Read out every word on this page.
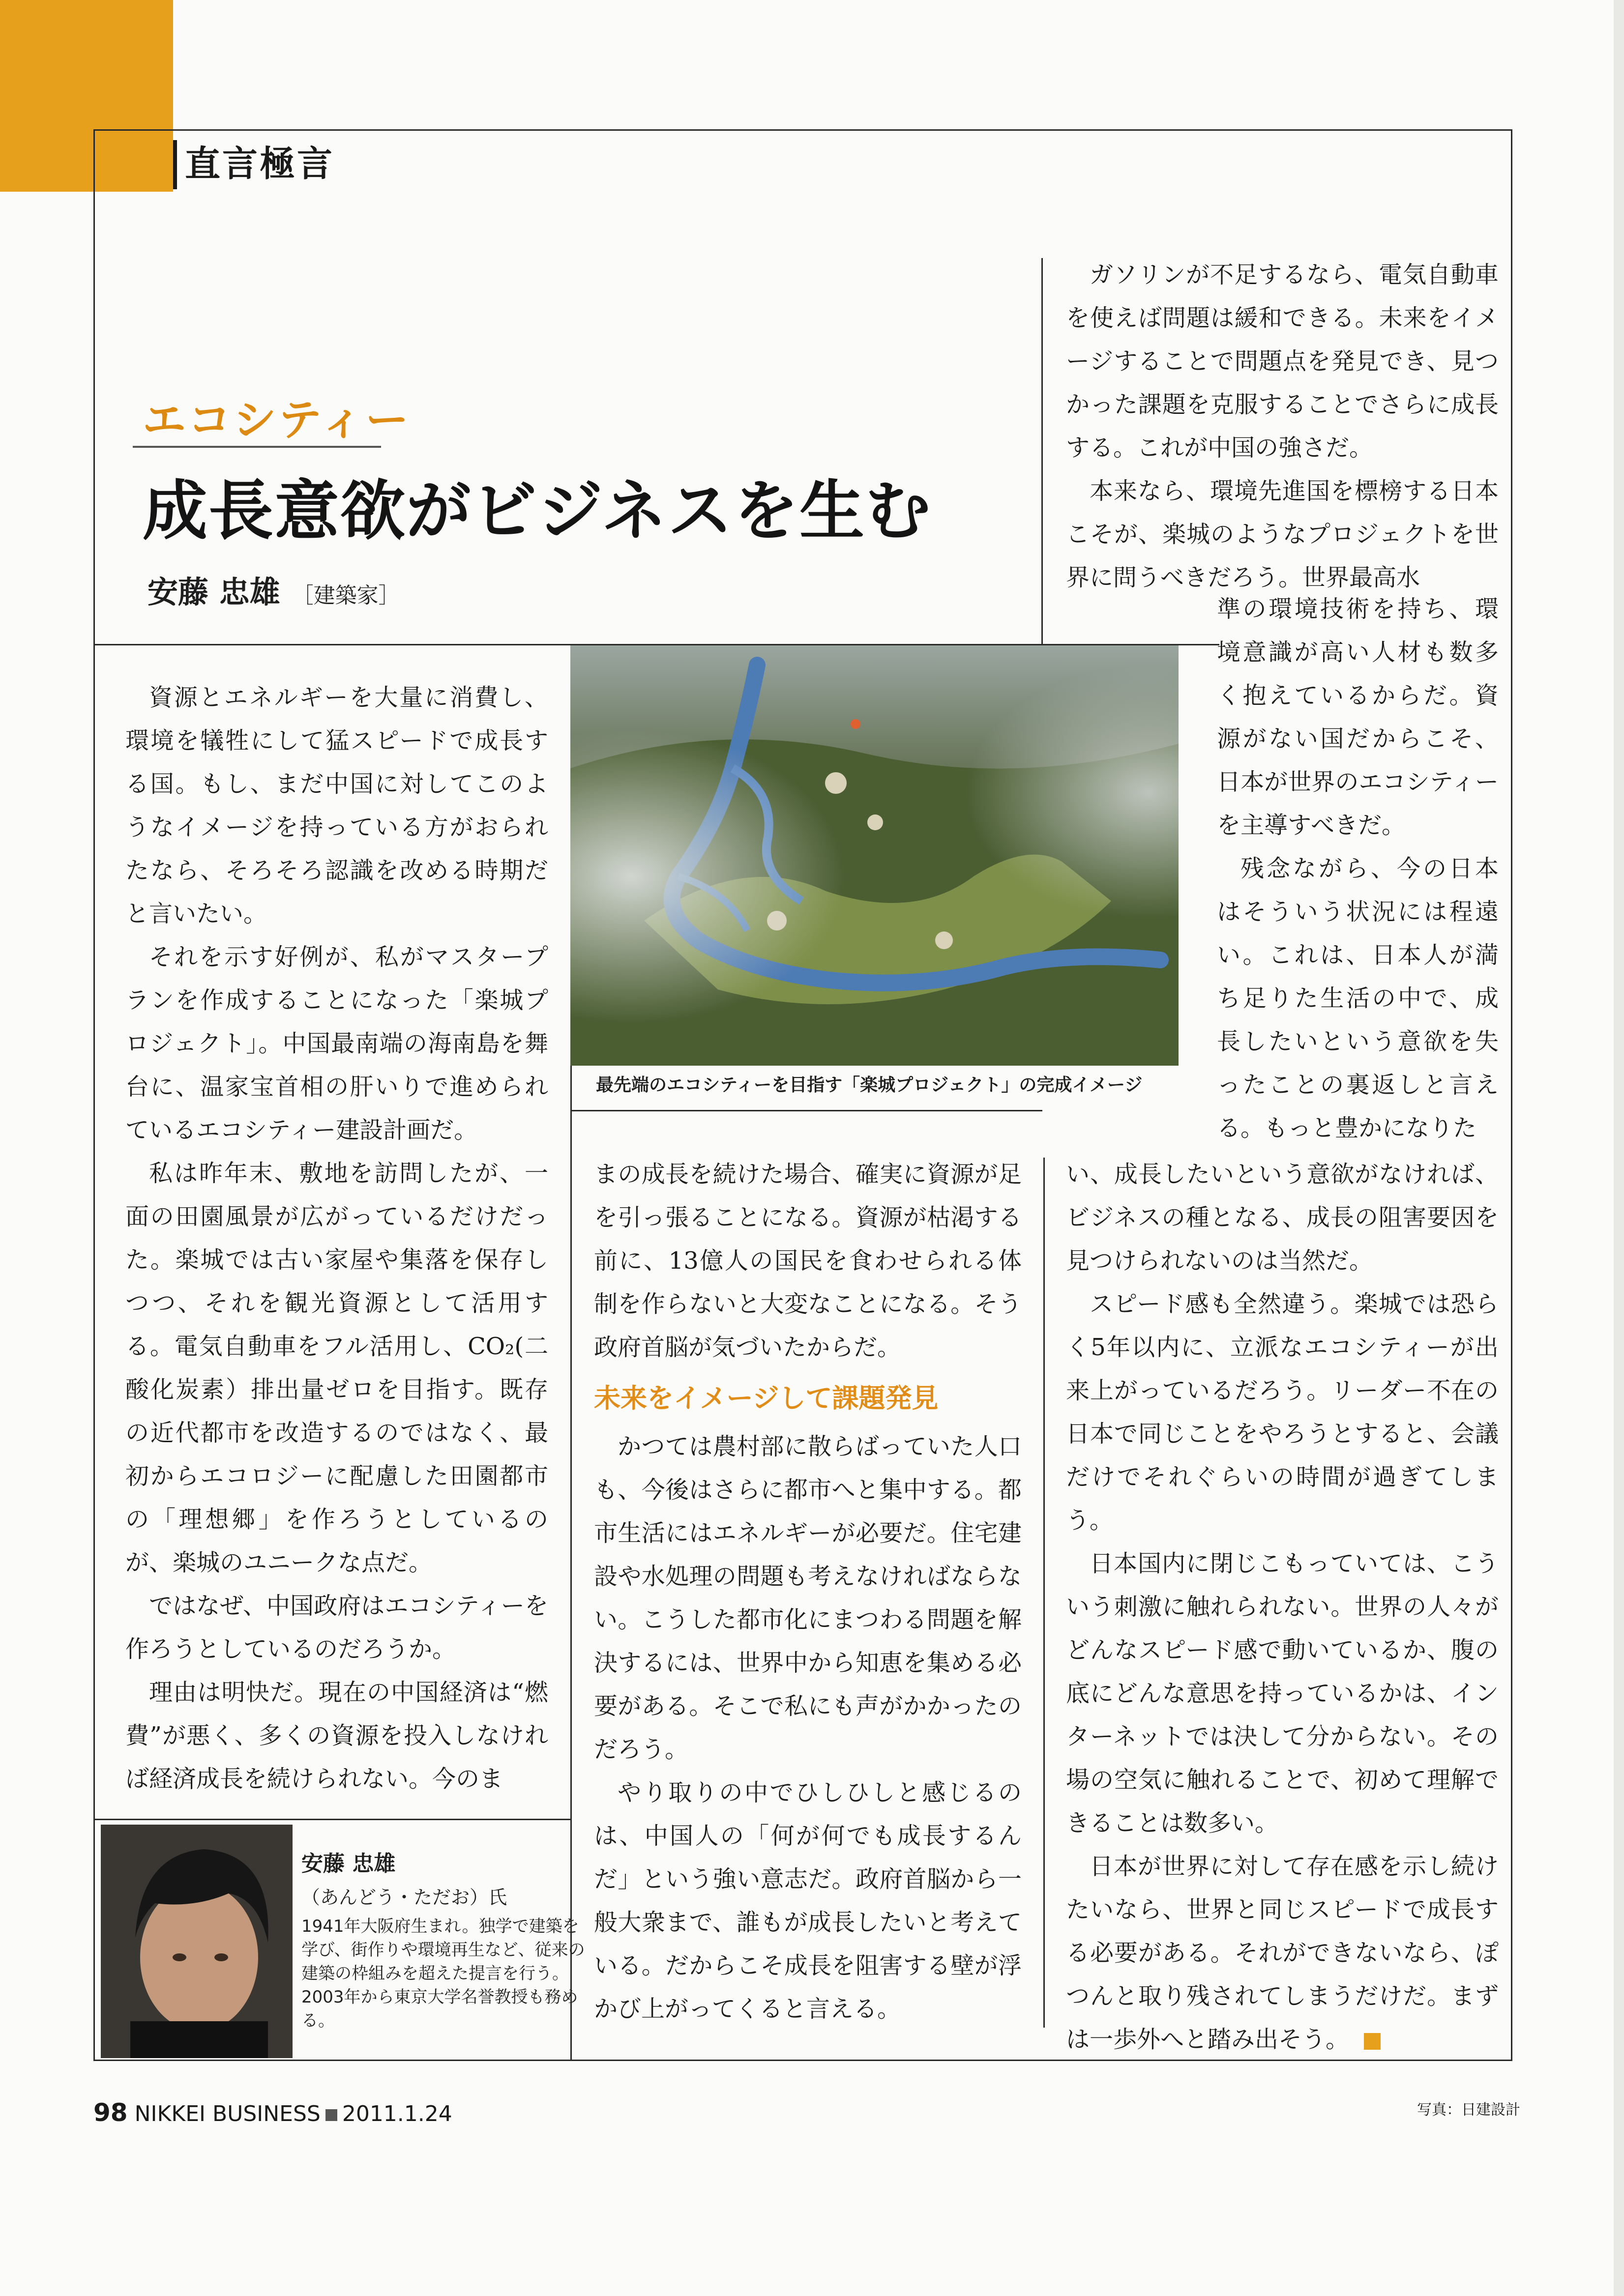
直言極言
エコシティー
成長意欲がビジネスを生む
安藤 忠雄 ［建築家］

資源とエネルギーを大量に消費し、環境を犠牲にして猛スピードで成長する国。もし、まだ中国に対してこのようなイメージを持っている方がおられたなら、そろそろ認識を改める時期だと言いたい。

それを示す好例が、私がマスタープランを作成することになった「楽城プロジェクト」。中国最南端の海南島を舞台に、温家宝首相の肝いりで進められているエコシティー建設計画だ。

私は昨年末、敷地を訪問したが、一面の田園風景が広がっているだけだった。楽城では古い家屋や集落を保存しつつ、それを観光資源として活用する。電気自動車をフル活用し、CO₂(二酸化炭素）排出量ゼロを目指す。既存の近代都市を改造するのではなく、最初からエコロジーに配慮した田園都市の「理想郷」を作ろうとしているのが、楽城のユニークな点だ。

ではなぜ、中国政府はエコシティーを作ろうとしているのだろうか。

理由は明快だ。現在の中国経済は“燃費”が悪く、多くの資源を投入しなければ経済成長を続けられない。今のま

最先端のエコシティーを目指す「楽城プロジェクト」の完成イメージ

まの成長を続けた場合、確実に資源が足を引っ張ることになる。資源が枯渇する前に、13億人の国民を食わせられる体制を作らないと大変なことになる。そう政府首脳が気づいたからだ。

未来をイメージして課題発見

かつては農村部に散らばっていた人口も、今後はさらに都市へと集中する。都市生活にはエネルギーが必要だ。住宅建設や水処理の問題も考えなければならない。こうした都市化にまつわる問題を解決するには、世界中から知恵を集める必要がある。そこで私にも声がかかったのだろう。

やり取りの中でひしひしと感じるのは、中国人の「何が何でも成長するんだ」という強い意志だ。政府首脳から一般大衆まで、誰もが成長したいと考えている。だからこそ成長を阻害する壁が浮かび上がってくると言える。

ガソリンが不足するなら、電気自動車を使えば問題は緩和できる。未来をイメージすることで問題点を発見でき、見つかった課題を克服することでさらに成長する。これが中国の強さだ。

本来なら、環境先進国を標榜する日本こそが、楽城のようなプロジェクトを世界に問うべきだろう。世界最高水

準の環境技術を持ち、環境意識が高い人材も数多く抱えているからだ。資源がない国だからこそ、日本が世界のエコシティーを主導すべきだ。

残念ながら、今の日本はそういう状況には程遠い。これは、日本人が満ち足りた生活の中で、成長したいという意欲を失ったことの裏返しと言える。もっと豊かになりた

い、成長したいという意欲がなければ、ビジネスの種となる、成長の阻害要因を見つけられないのは当然だ。

スピード感も全然違う。楽城では恐らく5年以内に、立派なエコシティーが出来上がっているだろう。リーダー不在の日本で同じことをやろうとすると、会議だけでそれぐらいの時間が過ぎてしまう。

日本国内に閉じこもっていては、こういう刺激に触れられない。世界の人々がどんなスピード感で動いているか、腹の底にどんな意思を持っているかは、インターネットでは決して分からない。その場の空気に触れることで、初めて理解できることは数多い。

日本が世界に対して存在感を示し続けたいなら、世界と同じスピードで成長する必要がある。それができないなら、ぽつんと取り残されてしまうだけだ。まずは一歩外へと踏み出そう。

安藤 忠雄
（あんどう・ただお）氏
1941年大阪府生まれ。独学で建築を学び、街作りや環境再生など、従来の建築の枠組みを超えた提言を行う。2003年から東京大学名誉教授も務める。
98 NIKKEI BUSINESS 2011.1.24	写真：日建設計
